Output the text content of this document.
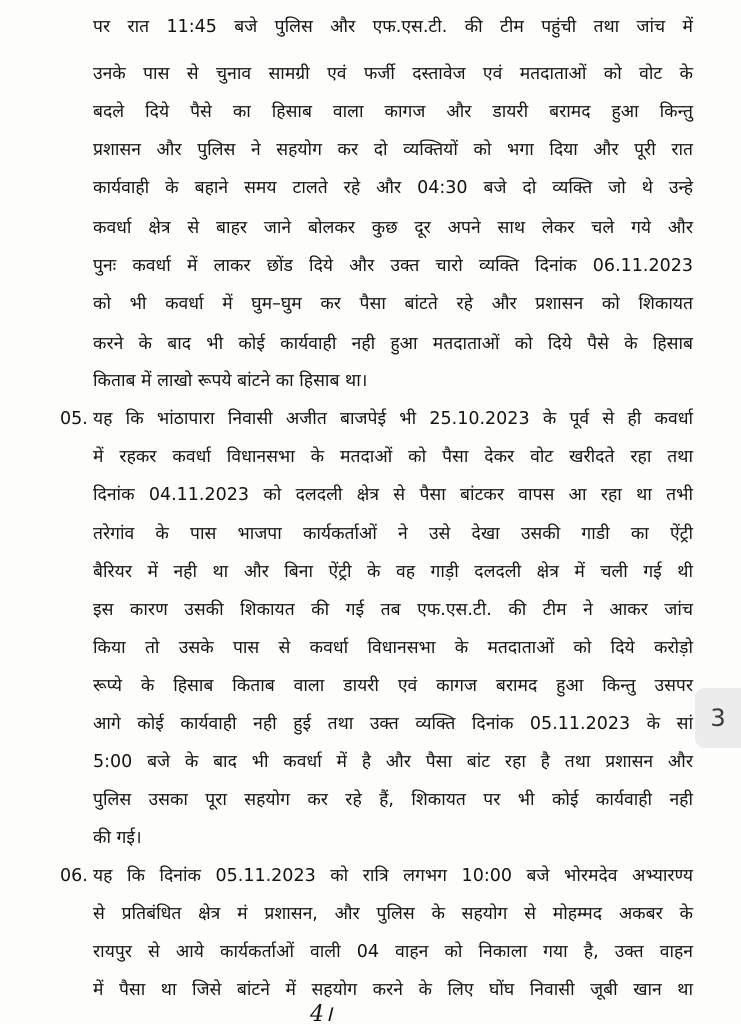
पर रात 11:45 बजे पुलिस और एफ.एस.टी. की टीम पहुंची तथा जांच में
उनके पास से चुनाव सामग्री एवं फर्जी दस्तावेज एवं मतदाताओं को वोट के
बदले दिये पैसे का हिसाब वाला कागज और डायरी बरामद हुआ किन्तु
प्रशासन और पुलिस ने सहयोग कर दो व्यक्तियों को भगा दिया और पूरी रात
कार्यवाही के बहाने समय टालते रहे और 04:30 बजे दो व्यक्ति जो थे उन्हे
कवर्धा क्षेत्र से बाहर जाने बोलकर कुछ दूर अपने साथ लेकर चले गये और
पुनः कवर्धा में लाकर छोंड दिये और उक्त चारो व्यक्ति दिनांक 06.11.2023
को भी कवर्धा में घुम–घुम कर पैसा बांटते रहे और प्रशासन को शिकायत
करने के बाद भी कोई कार्यवाही नही हुआ मतदाताओं को दिये पैसे के हिसाब
किताब में लाखो रूपये बांटने का हिसाब था।
05. यह कि भांठापारा निवासी अजीत बाजपेई भी 25.10.2023 के पूर्व से ही कवर्धा
में रहकर कवर्धा विधानसभा के मतदाओं को पैसा देकर वोट खरीदते रहा तथा
दिनांक 04.11.2023 को दलदली क्षेत्र से पैसा बांटकर वापस आ रहा था तभी
तरेगांव के पास भाजपा कार्यकर्ताओं ने उसे देखा उसकी गाडी का ऐंट्री
बैरियर में नही था और बिना ऐंट्री के वह गाड़ी दलदली क्षेत्र में चली गई थी
इस कारण उसकी शिकायत की गई तब एफ.एस.टी. की टीम ने आकर जांच
किया तो उसके पास से कवर्धा विधानसभा के मतदाताओं को दिये करोड़ो
रूप्ये के हिसाब किताब वाला डायरी एवं कागज बरामद हुआ किन्तु उसपर
आगे कोई कार्यवाही नही हुई तथा उक्त व्यक्ति दिनांक 05.11.2023 के सां
5:00 बजे के बाद भी कवर्धा में है और पैसा बांट रहा है तथा प्रशासन और
पुलिस उसका पूरा सहयोग कर रहे हैं, शिकायत पर भी कोई कार्यवाही नही
की गई।
06. यह कि दिनांक 05.11.2023 को रात्रि लगभग 10:00 बजे भोरमदेव अभ्यारण्य
से प्रतिबंधित क्षेत्र मं प्रशासन, और पुलिस के सहयोग से मोहम्मद अकबर के
रायपुर से आये कार्यकर्ताओं वाली 04 वाहन को निकाला गया है, उक्त वाहन
में पैसा था जिसे बांटने में सहयोग करने के लिए घोंघ निवासी जूबी खान था
4।
3
